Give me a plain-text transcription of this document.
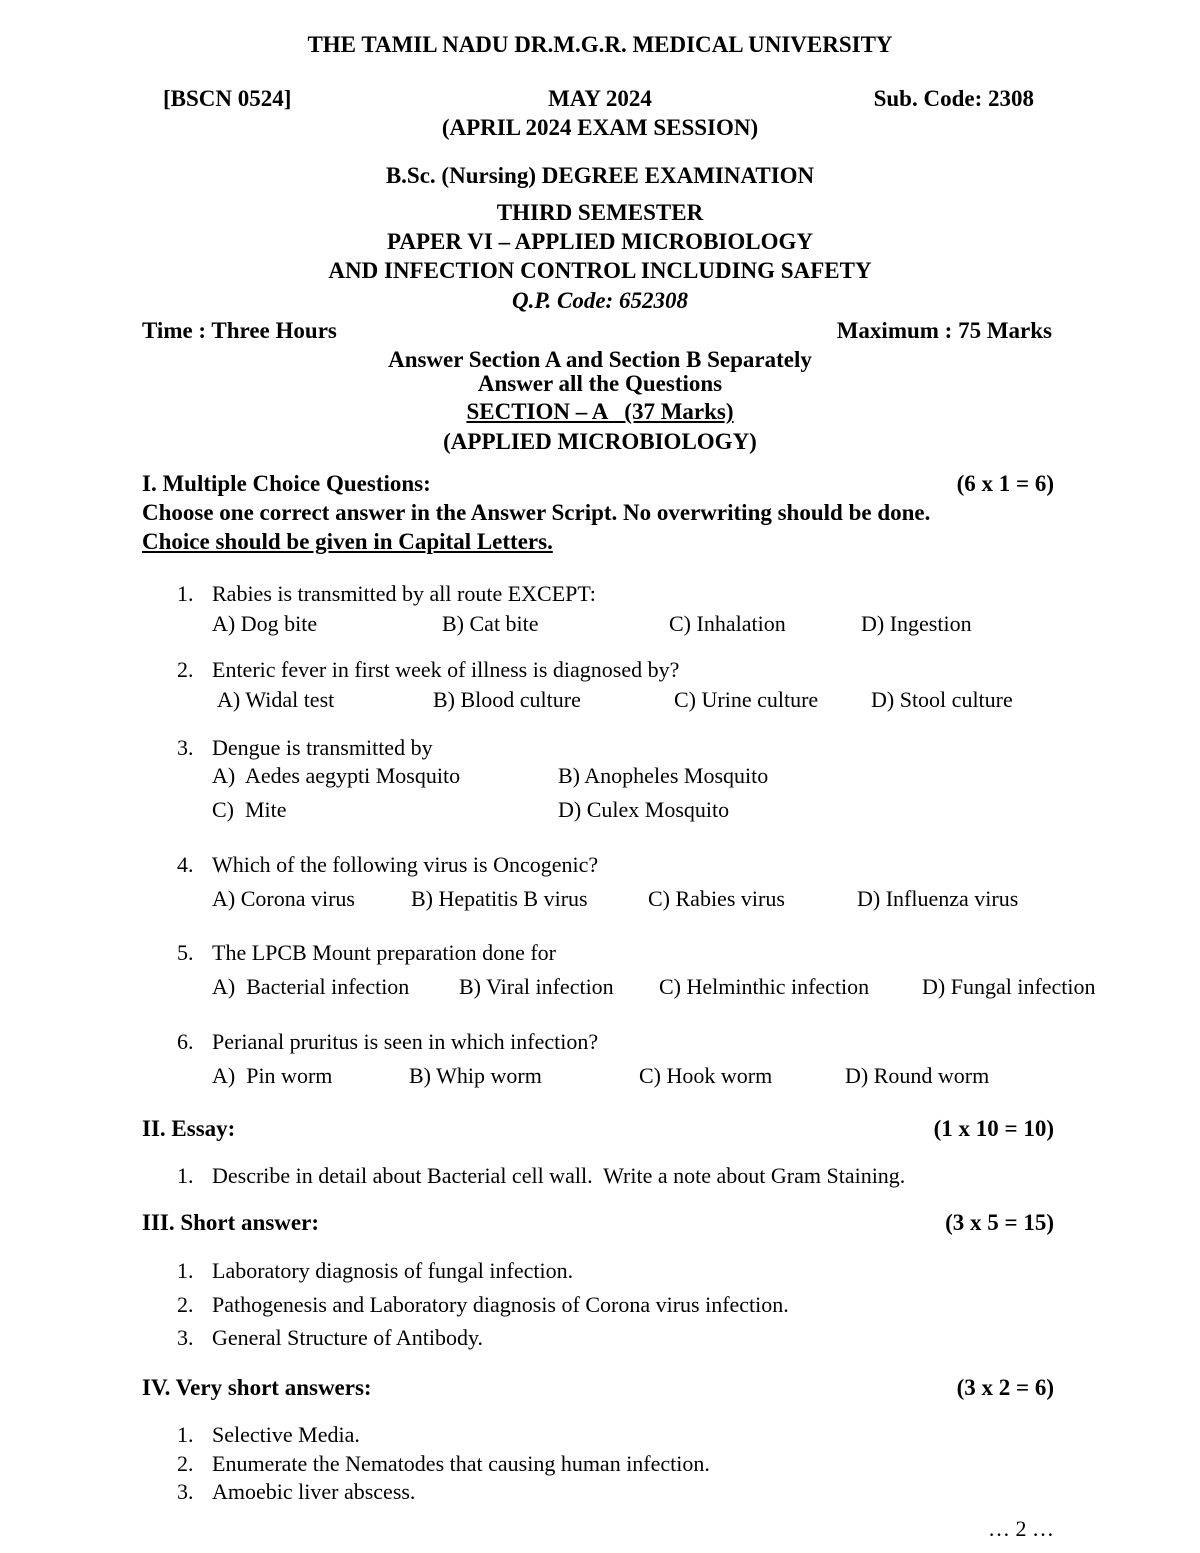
THE TAMIL NADU DR.M.G.R. MEDICAL UNIVERSITY
[BSCN 0524]	MAY 2024	Sub. Code: 2308
(APRIL 2024 EXAM SESSION)
B.Sc. (Nursing) DEGREE EXAMINATION
THIRD SEMESTER
PAPER VI – APPLIED MICROBIOLOGY
AND INFECTION CONTROL INCLUDING SAFETY
Q.P. Code: 652308
Time : Three Hours	Maximum : 75 Marks
Answer Section A and Section B Separately
Answer all the Questions
SECTION – A   (37 Marks)
(APPLIED MICROBIOLOGY)
I. Multiple Choice Questions:	(6 x 1 = 6)
Choose one correct answer in the Answer Script. No overwriting should be done.
Choice should be given in Capital Letters.
1. Rabies is transmitted by all route EXCEPT:
A) Dog bite	B) Cat bite	C) Inhalation	D) Ingestion
2. Enteric fever in first week of illness is diagnosed by?
A) Widal test	B) Blood culture	C) Urine culture D) Stool culture
3. Dengue is transmitted by
A)  Aedes aegypti Mosquito	B) Anopheles Mosquito
C)  Mite	D) Culex Mosquito
4. Which of the following virus is Oncogenic?
A) Corona virus	B) Hepatitis B virus	C) Rabies virus	D) Influenza virus
5. The LPCB Mount preparation done for
A)  Bacterial infection B) Viral infection C) Helminthic infection D) Fungal infection
6. Perianal pruritus is seen in which infection?
A)  Pin worm	B) Whip worm	C) Hook worm	D) Round worm
II. Essay:	(1 x 10 = 10)
1. Describe in detail about Bacterial cell wall.  Write a note about Gram Staining.
III. Short answer:	(3 x 5 = 15)
1. Laboratory diagnosis of fungal infection.
2. Pathogenesis and Laboratory diagnosis of Corona virus infection.
3. General Structure of Antibody.
IV. Very short answers:	(3 x 2 = 6)
1. Selective Media.
2. Enumerate the Nematodes that causing human infection.
3. Amoebic liver abscess.
… 2 …
